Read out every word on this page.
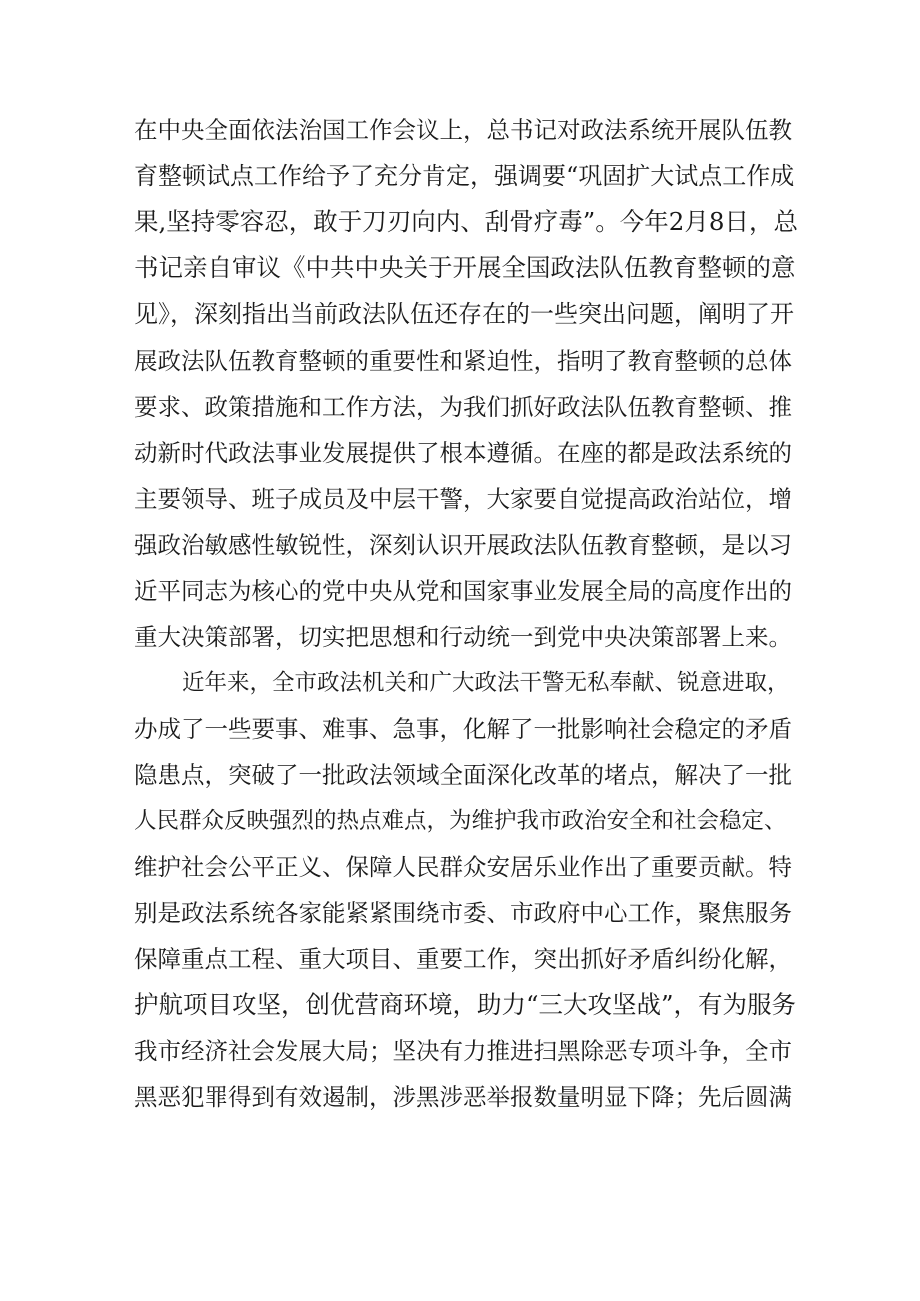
在中央全面依法治国工作会议上，总书记对政法系统开展队伍教
育整顿试点工作给予了充分肯定，强调要“巩固扩大试点工作成
果,坚持零容忍，敢于刀刃向内、刮骨疗毒”。今年2月8日，总
书记亲自审议《中共中央关于开展全国政法队伍教育整顿的意
见》，深刻指出当前政法队伍还存在的一些突出问题，阐明了开
展政法队伍教育整顿的重要性和紧迫性，指明了教育整顿的总体
要求、政策措施和工作方法，为我们抓好政法队伍教育整顿、推
动新时代政法事业发展提供了根本遵循。在座的都是政法系统的
主要领导、班子成员及中层干警，大家要自觉提高政治站位，增
强政治敏感性敏锐性，深刻认识开展政法队伍教育整顿，是以习
近平同志为核心的党中央从党和国家事业发展全局的高度作出的
重大决策部署，切实把思想和行动统一到党中央决策部署上来。
近年来，全市政法机关和广大政法干警无私奉献、锐意进取，
办成了一些要事、难事、急事，化解了一批影响社会稳定的矛盾
隐患点，突破了一批政法领域全面深化改革的堵点，解决了一批
人民群众反映强烈的热点难点，为维护我市政治安全和社会稳定、
维护社会公平正义、保障人民群众安居乐业作出了重要贡献。特
别是政法系统各家能紧紧围绕市委、市政府中心工作，聚焦服务
保障重点工程、重大项目、重要工作，突出抓好矛盾纠纷化解，
护航项目攻坚，创优营商环境，助力“三大攻坚战”，有为服务
我市经济社会发展大局；坚决有力推进扫黑除恶专项斗争，全市
黑恶犯罪得到有效遏制，涉黑涉恶举报数量明显下降；先后圆满
